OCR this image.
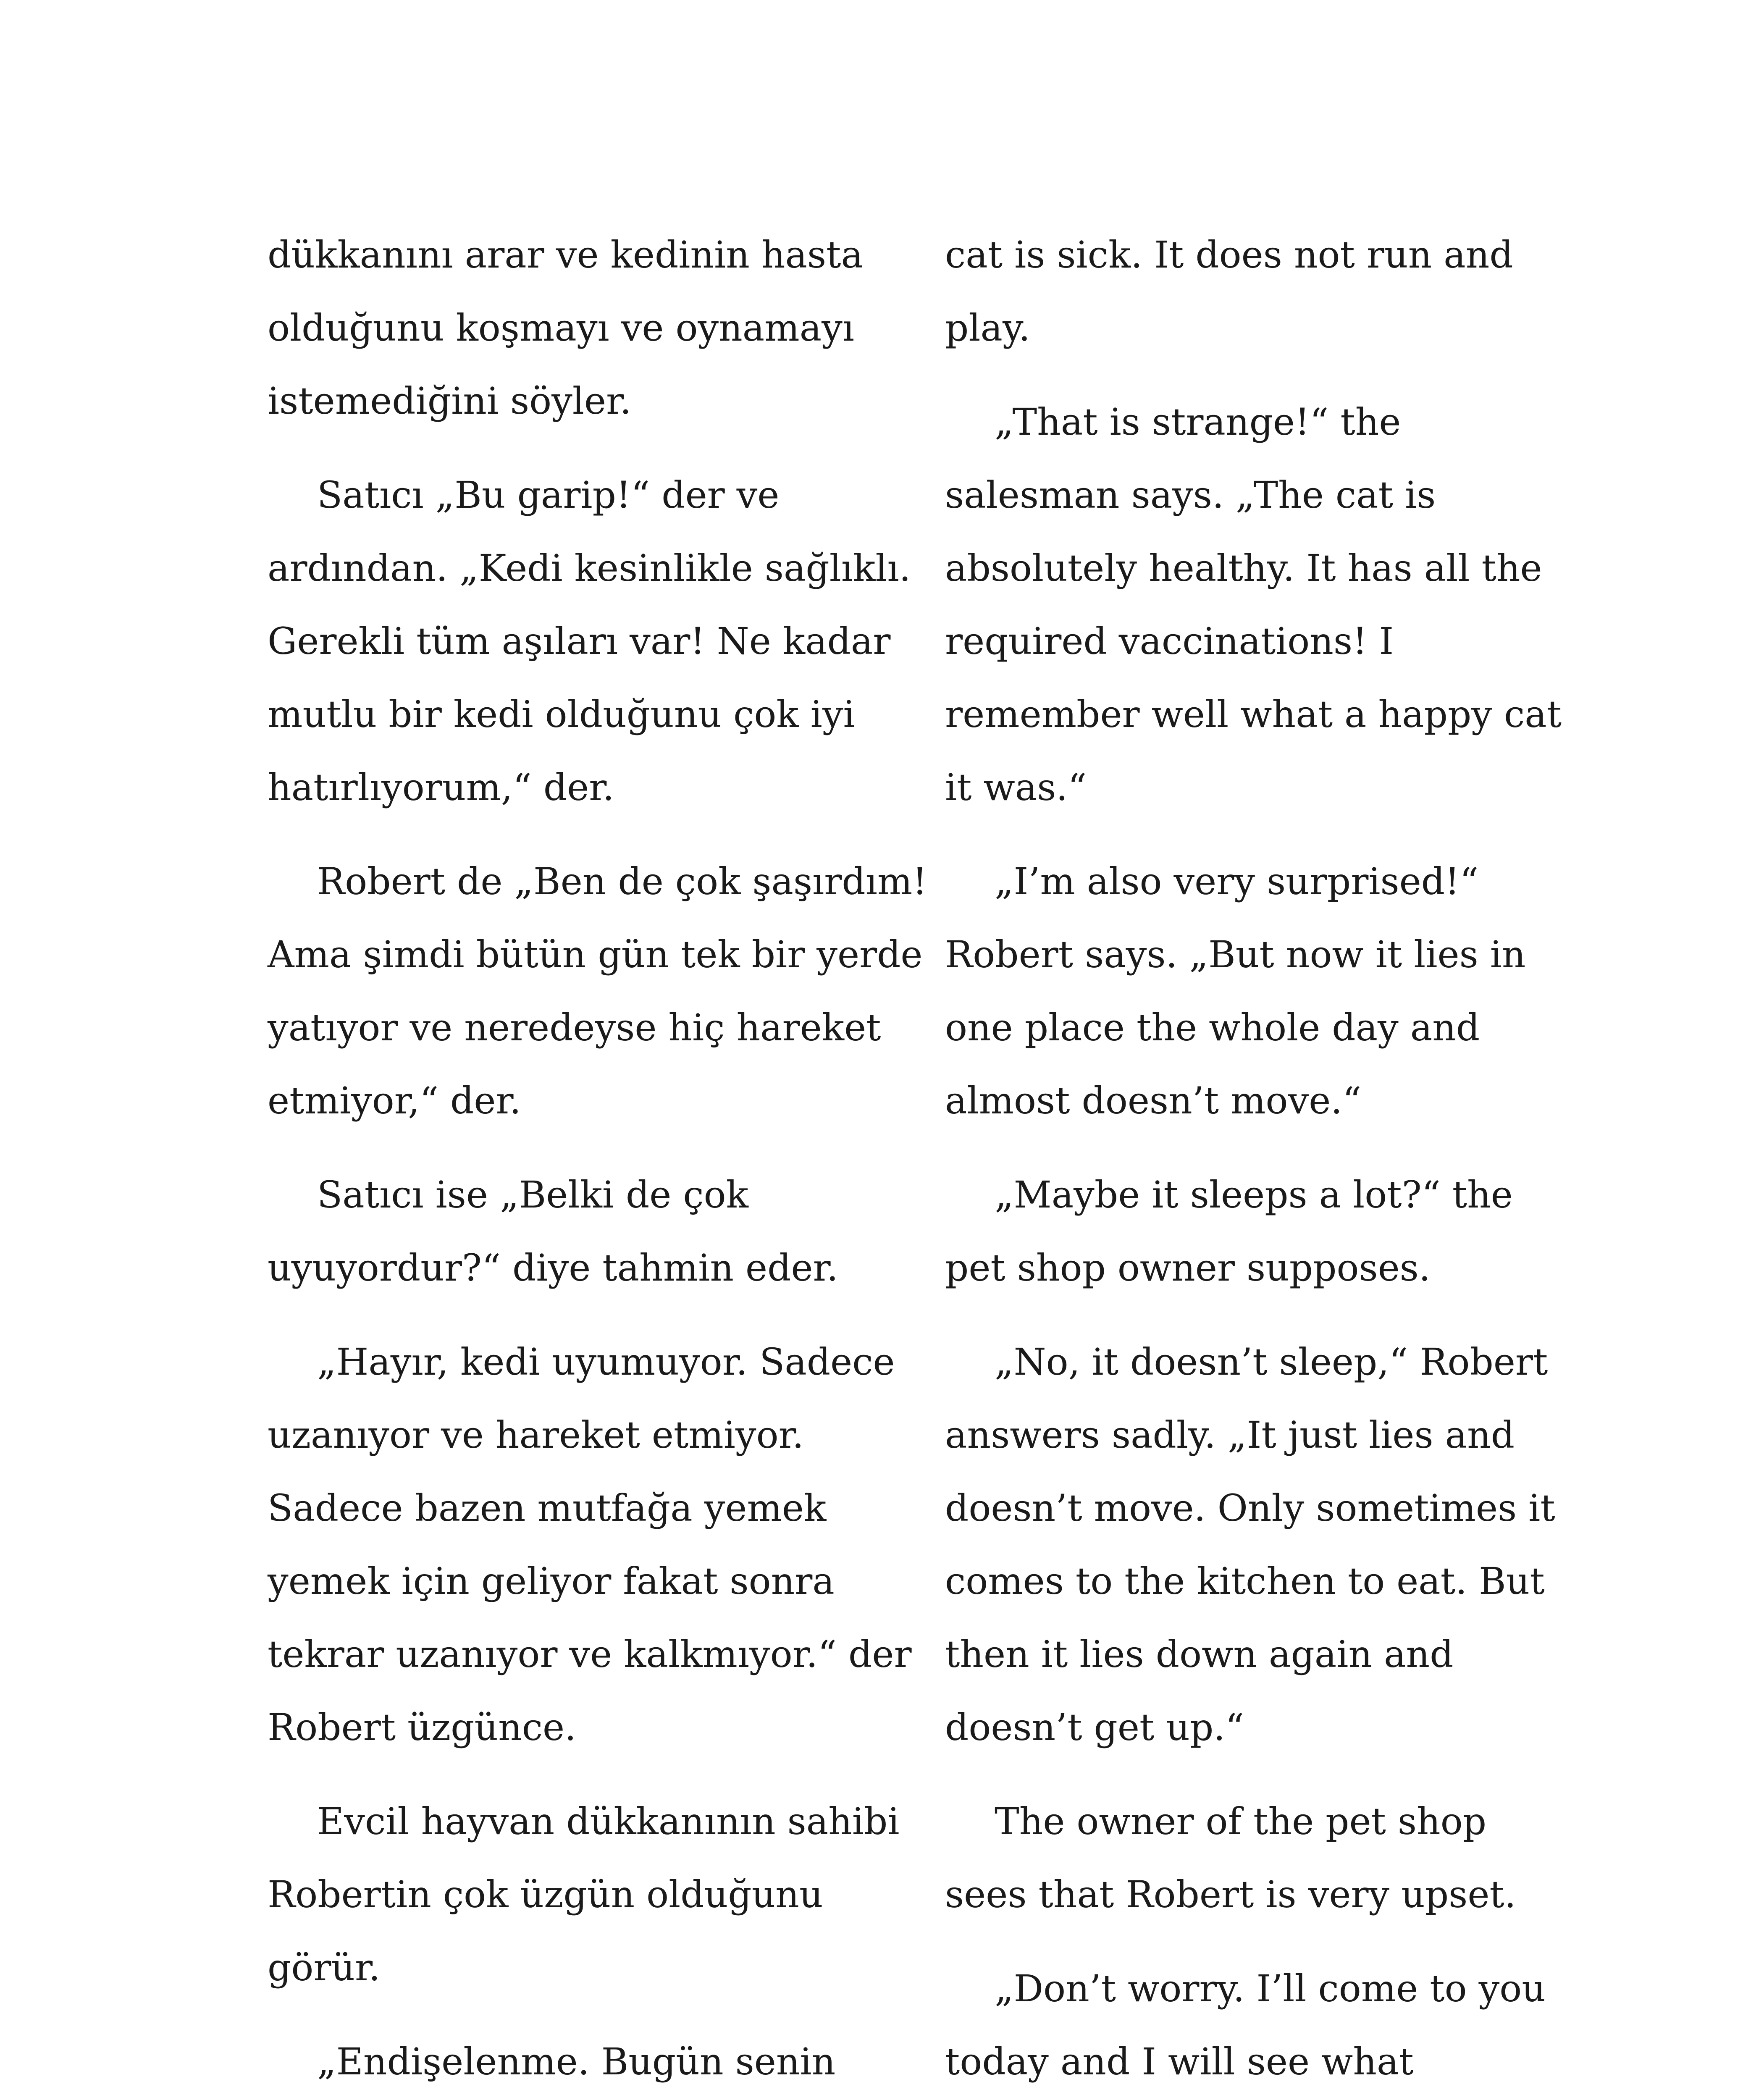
dükkanını arar ve kedinin hasta
olduğunu koşmayı ve oynamayı
istemediğini söyler.
Satıcı „Bu garip!“ der ve
ardından. „Kedi kesinlikle sağlıklı.
Gerekli tüm aşıları var! Ne kadar
mutlu bir kedi olduğunu çok iyi
hatırlıyorum,“ der.
Robert de „Ben de çok şaşırdım!
Ama şimdi bütün gün tek bir yerde
yatıyor ve neredeyse hiç hareket
etmiyor,“ der.
Satıcı ise „Belki de çok
uyuyordur?“ diye tahmin eder.
„Hayır, kedi uyumuyor. Sadece
uzanıyor ve hareket etmiyor.
Sadece bazen mutfağa yemek
yemek için geliyor fakat sonra
tekrar uzanıyor ve kalkmıyor.“ der
Robert üzgünce.
Evcil hayvan dükkanının sahibi
Robertin çok üzgün olduğunu
görür.
„Endişelenme. Bugün senin
cat is sick. It does not run and
play.
„That is strange!“ the
salesman says. „The cat is
absolutely healthy. It has all the
required vaccinations! I
remember well what a happy cat
it was.“
„I’m also very surprised!“
Robert says. „But now it lies in
one place the whole day and
almost doesn’t move.“
„Maybe it sleeps a lot?“ the
pet shop owner supposes.
„No, it doesn’t sleep,“ Robert
answers sadly. „It just lies and
doesn’t move. Only sometimes it
comes to the kitchen to eat. But
then it lies down again and
doesn’t get up.“
The owner of the pet shop
sees that Robert is very upset.
„Don’t worry. I’ll come to you
today and I will see what
